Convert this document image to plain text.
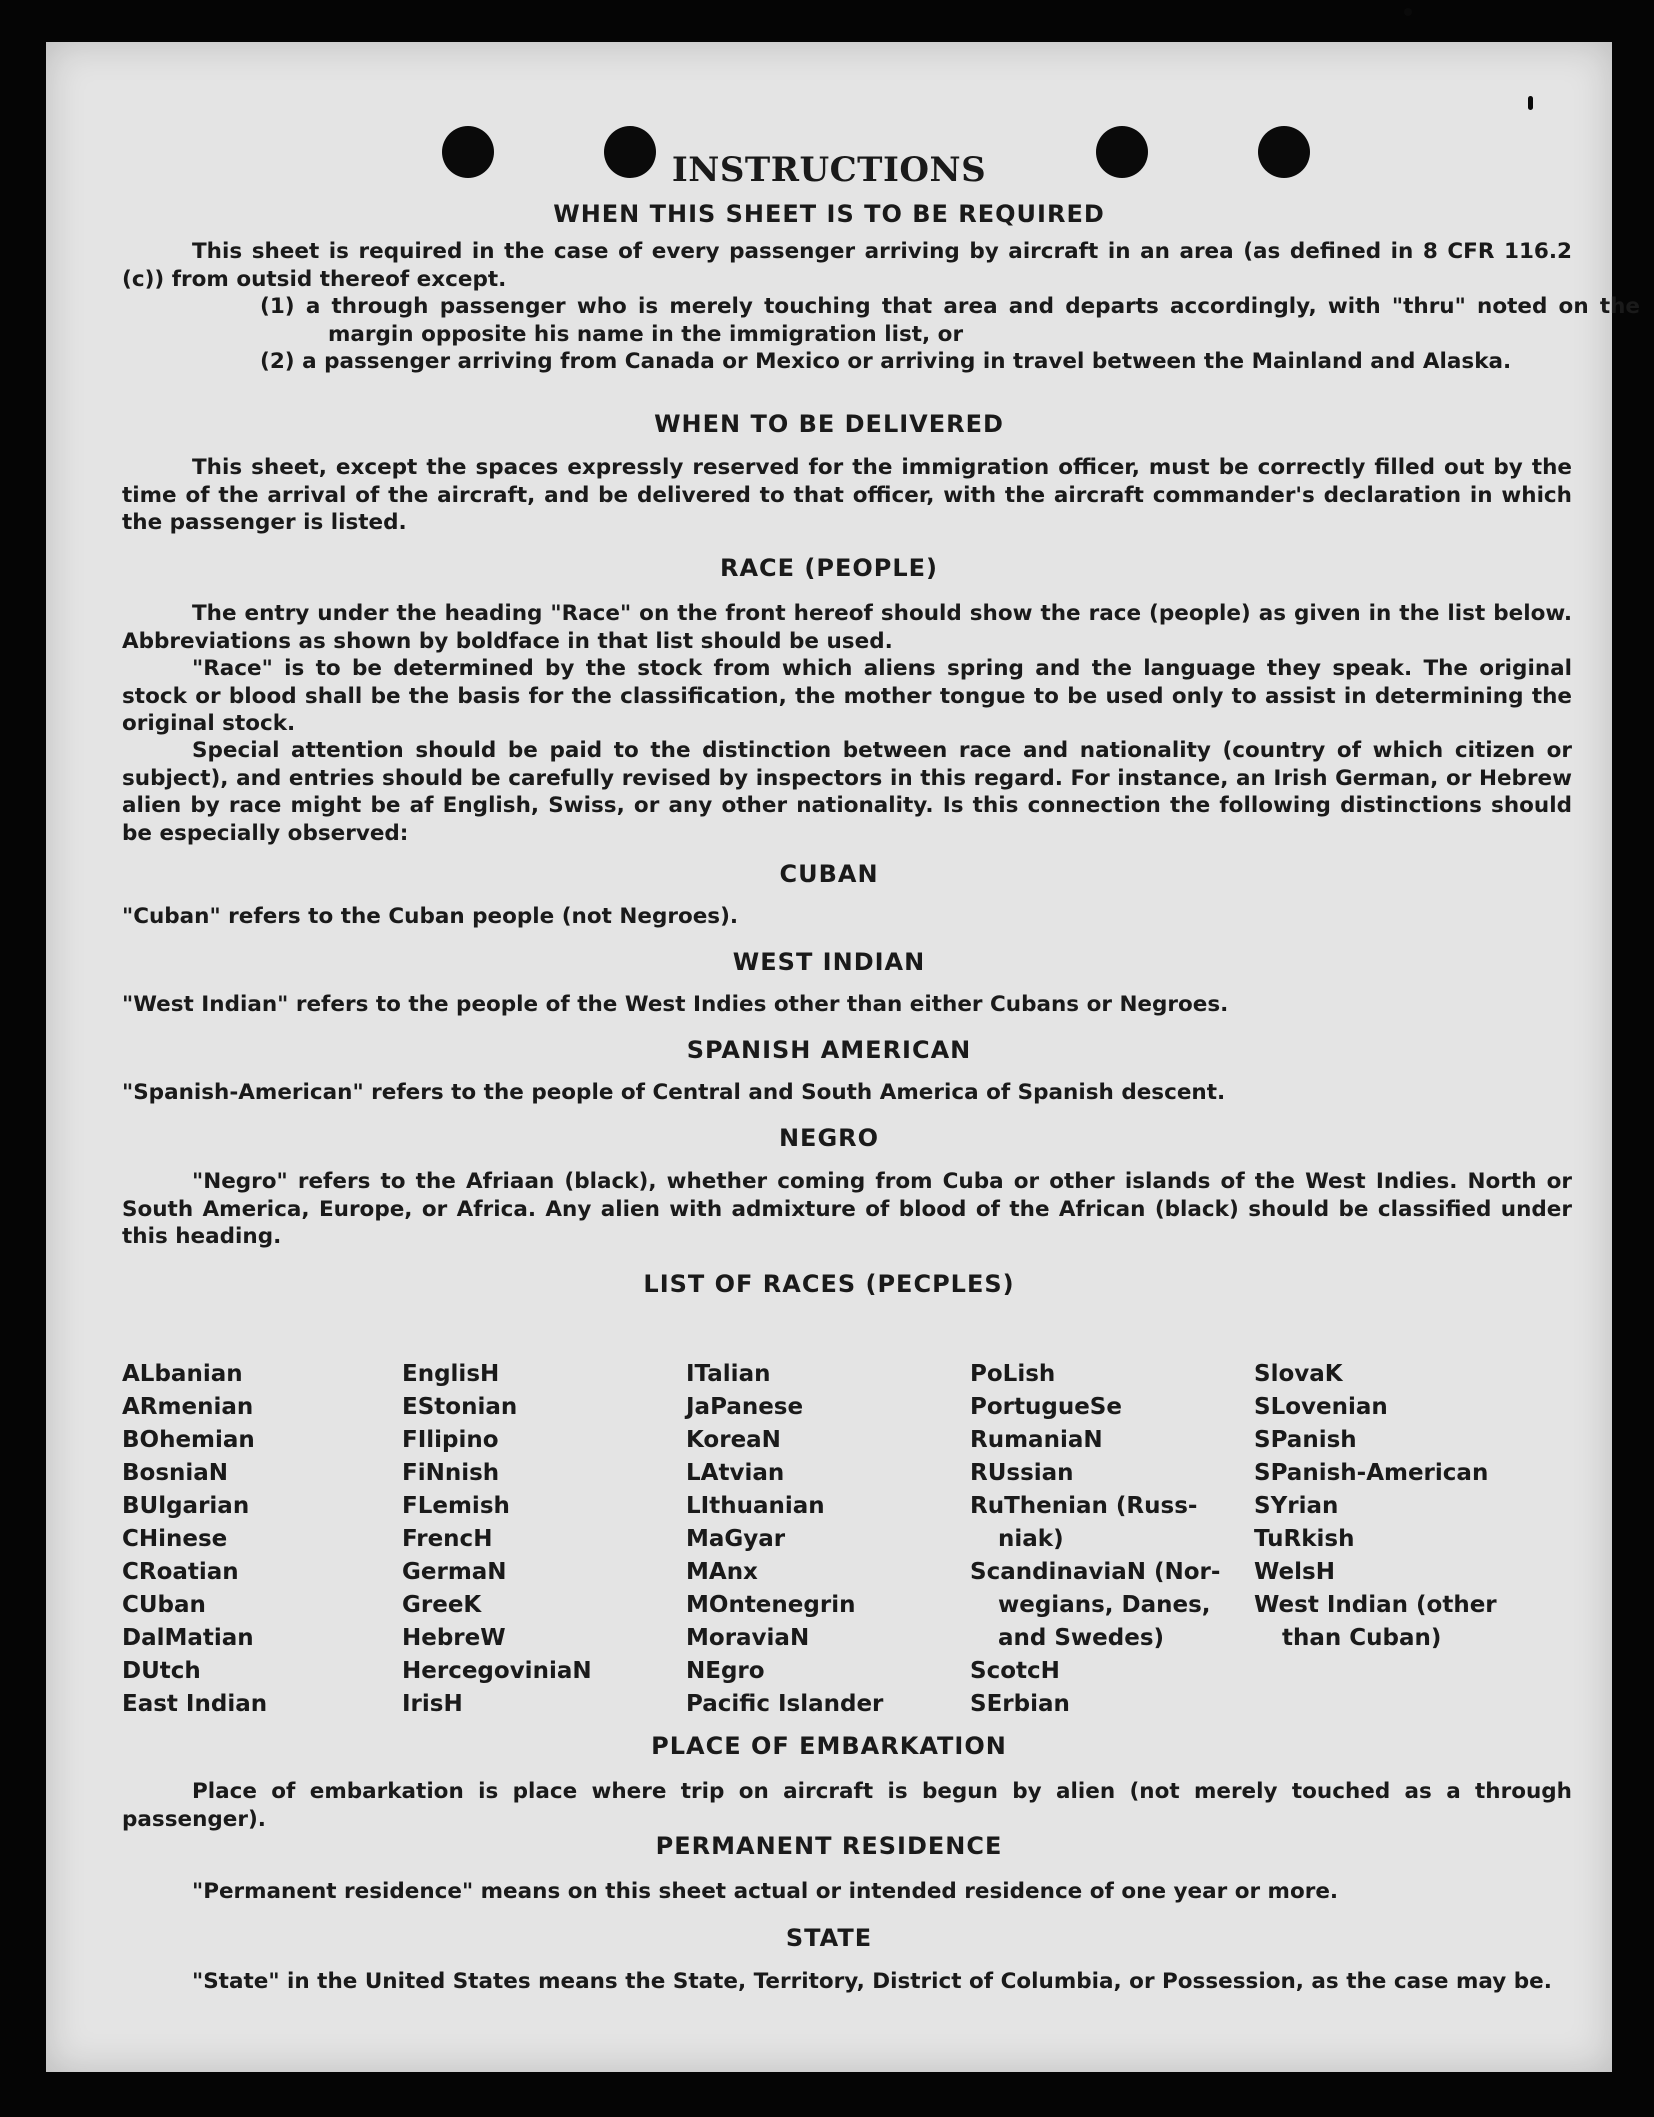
INSTRUCTIONS
WHEN THIS SHEET IS TO BE REQUIRED
This sheet is required in the case of every passenger arriving by aircraft in an area (as defined in 8 CFR 116.2 (c)) from outsid thereof except.
(1) a through passenger who is merely touching that area and departs accordingly, with "thru" noted on the margin opposite his name in the immigration list, or
(2) a passenger arriving from Canada or Mexico or arriving in travel between the Mainland and Alaska.
WHEN TO BE DELIVERED
This sheet, except the spaces expressly reserved for the immigration officer, must be correctly filled out by the time of the arrival of the aircraft, and be delivered to that officer, with the aircraft commander's declaration in which the passenger is listed.
RACE (PEOPLE)
The entry under the heading "Race" on the front hereof should show the race (people) as given in the list below. Abbreviations as shown by boldface in that list should be used.
"Race" is to be determined by the stock from which aliens spring and the language they speak. The original stock or blood shall be the basis for the classification, the mother tongue to be used only to assist in determining the original stock.
Special attention should be paid to the distinction between race and nationality (country of which citizen or subject), and entries should be carefully revised by inspectors in this regard. For instance, an Irish German, or Hebrew alien by race might be af English, Swiss, or any other nationality. Is this connection the following distinctions should be especially observed:
CUBAN
"Cuban" refers to the Cuban people (not Negroes).
WEST INDIAN
"West Indian" refers to the people of the West Indies other than either Cubans or Negroes.
SPANISH AMERICAN
"Spanish-American" refers to the people of Central and South America of Spanish descent.
NEGRO
"Negro" refers to the Afriaan (black), whether coming from Cuba or other islands of the West Indies. North or South America, Europe, or Africa. Any alien with admixture of blood of the African (black) should be classified under this heading.
LIST OF RACES (PECPLES)
ALbanian
ARmenian
BOhemian
BosniaN
BUlgarian
CHinese
CRoatian
CUban
DalMatian
DUtch
East Indian
EnglisH
EStonian
FIlipino
FiNnish
FLemish
FrencH
GermaN
GreeK
HebreW
HercegoviniaN
IrisH
ITalian
JaPanese
KoreaN
LAtvian
LIthuanian
MaGyar
MAnx
MOntenegrin
MoraviaN
NEgro
Pacific Islander
PoLish
PortugueSe
RumaniaN
RUssian
RuThenian (Russ-
niak)
ScandinaviaN (Nor-
wegians, Danes,
and Swedes)
ScotcH
SErbian
SlovaK
SLovenian
SPanish
SPanish-American
SYrian
TuRkish
WelsH
West Indian (other
than Cuban)
PLACE OF EMBARKATION
Place of embarkation is place where trip on aircraft is begun by alien (not merely touched as a through passenger).
PERMANENT RESIDENCE
"Permanent residence" means on this sheet actual or intended residence of one year or more.
STATE
"State" in the United States means the State, Territory, District of Columbia, or Possession, as the case may be.
